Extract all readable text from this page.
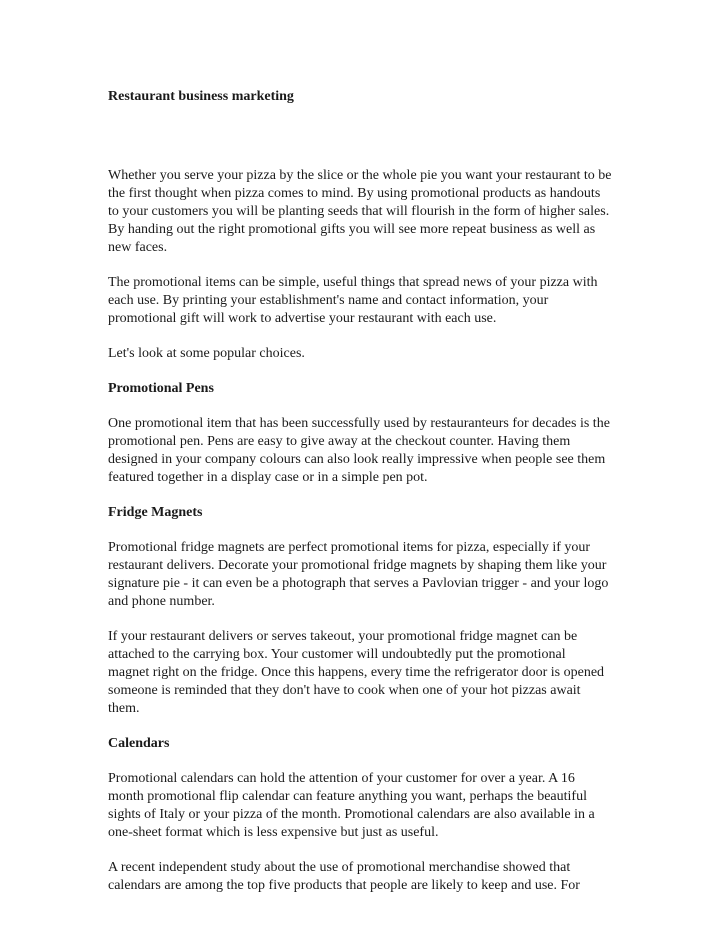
Restaurant business marketing

Whether you serve your pizza by the slice or the whole pie you want your restaurant to be
the first thought when pizza comes to mind. By using promotional products as handouts
to your customers you will be planting seeds that will flourish in the form of higher sales.
By handing out the right promotional gifts you will see more repeat business as well as
new faces.

The promotional items can be simple, useful things that spread news of your pizza with
each use. By printing your establishment's name and contact information, your
promotional gift will work to advertise your restaurant with each use.

Let's look at some popular choices.

Promotional Pens

One promotional item that has been successfully used by restauranteurs for decades is the
promotional pen. Pens are easy to give away at the checkout counter. Having them
designed in your company colours can also look really impressive when people see them
featured together in a display case or in a simple pen pot.

Fridge Magnets

Promotional fridge magnets are perfect promotional items for pizza, especially if your
restaurant delivers. Decorate your promotional fridge magnets by shaping them like your
signature pie - it can even be a photograph that serves a Pavlovian trigger - and your logo
and phone number.

If your restaurant delivers or serves takeout, your promotional fridge magnet can be
attached to the carrying box. Your customer will undoubtedly put the promotional
magnet right on the fridge. Once this happens, every time the refrigerator door is opened
someone is reminded that they don't have to cook when one of your hot pizzas await
them.

Calendars

Promotional calendars can hold the attention of your customer for over a year. A 16
month promotional flip calendar can feature anything you want, perhaps the beautiful
sights of Italy or your pizza of the month. Promotional calendars are also available in a
one-sheet format which is less expensive but just as useful.

A recent independent study about the use of promotional merchandise showed that
calendars are among the top five products that people are likely to keep and use. For
